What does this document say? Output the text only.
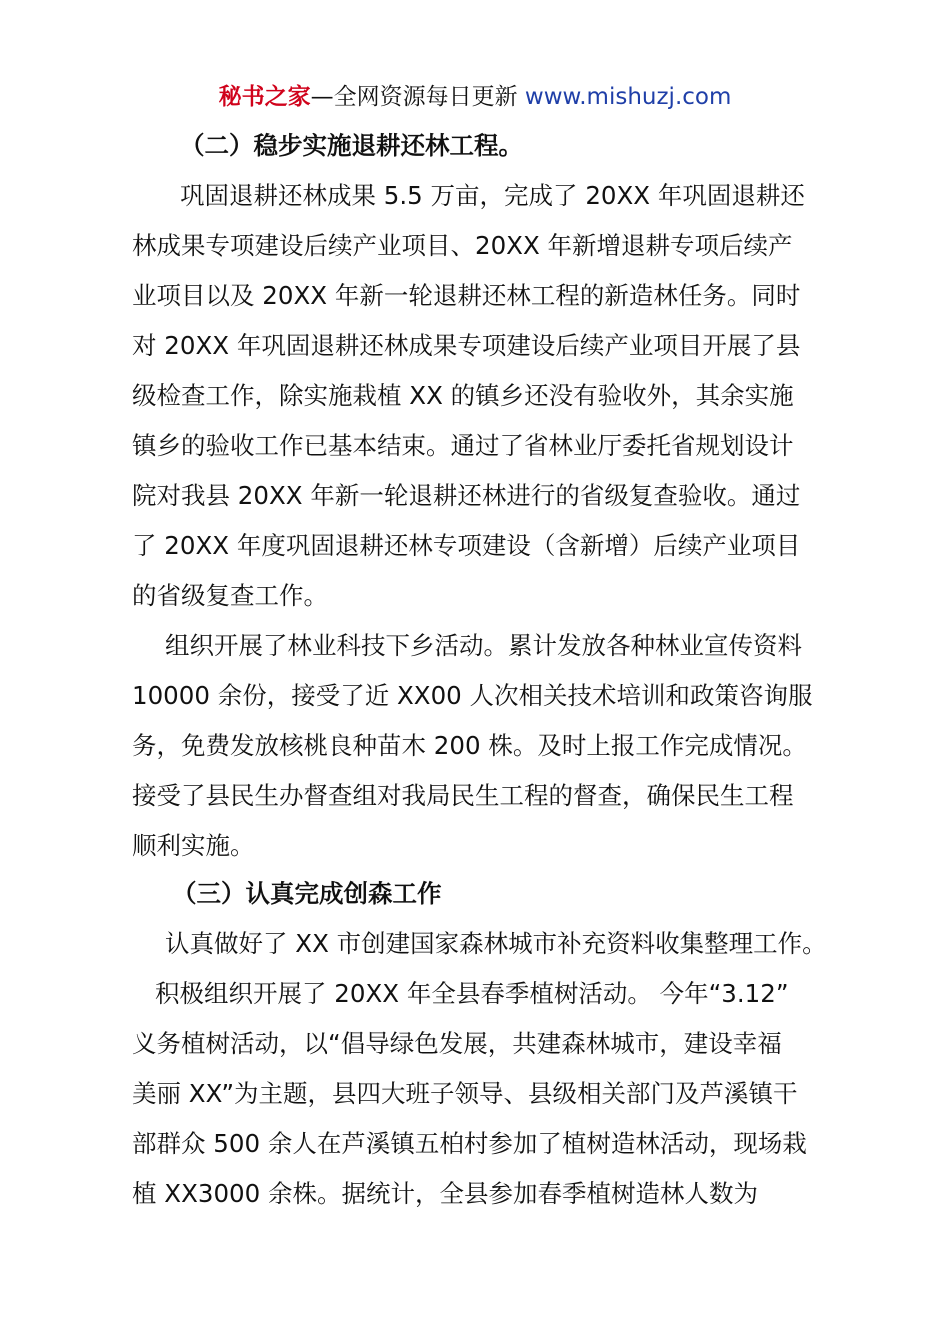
秘书之家—全网资源每日更新 www.mishuzj.com
（二）稳步实施退耕还林工程。
巩固退耕还林成果 5.5 万亩，完成了 20XX 年巩固退耕还
林成果专项建设后续产业项目、20XX 年新增退耕专项后续产
业项目以及 20XX 年新一轮退耕还林工程的新造林任务。同时
对 20XX 年巩固退耕还林成果专项建设后续产业项目开展了县
级检查工作，除实施栽植 XX 的镇乡还没有验收外，其余实施
镇乡的验收工作已基本结束。通过了省林业厅委托省规划设计
院对我县 20XX 年新一轮退耕还林进行的省级复查验收。通过
了 20XX 年度巩固退耕还林专项建设（含新增）后续产业项目
的省级复查工作。
组织开展了林业科技下乡活动。累计发放各种林业宣传资料
10000 余份，接受了近 XX00 人次相关技术培训和政策咨询服
务，免费发放核桃良种苗木 200 株。及时上报工作完成情况。
接受了县民生办督查组对我局民生工程的督查，确保民生工程
顺利实施。
（三）认真完成创森工作
认真做好了 XX 市创建国家森林城市补充资料收集整理工作。
积极组织开展了 20XX 年全县春季植树活动。 今年“3.12”
义务植树活动，以“倡导绿色发展，共建森林城市，建设幸福
美丽 XX”为主题，县四大班子领导、县级相关部门及芦溪镇干
部群众 500 余人在芦溪镇五柏村参加了植树造林活动，现场栽
植 XX3000 余株。据统计，全县参加春季植树造林人数为
